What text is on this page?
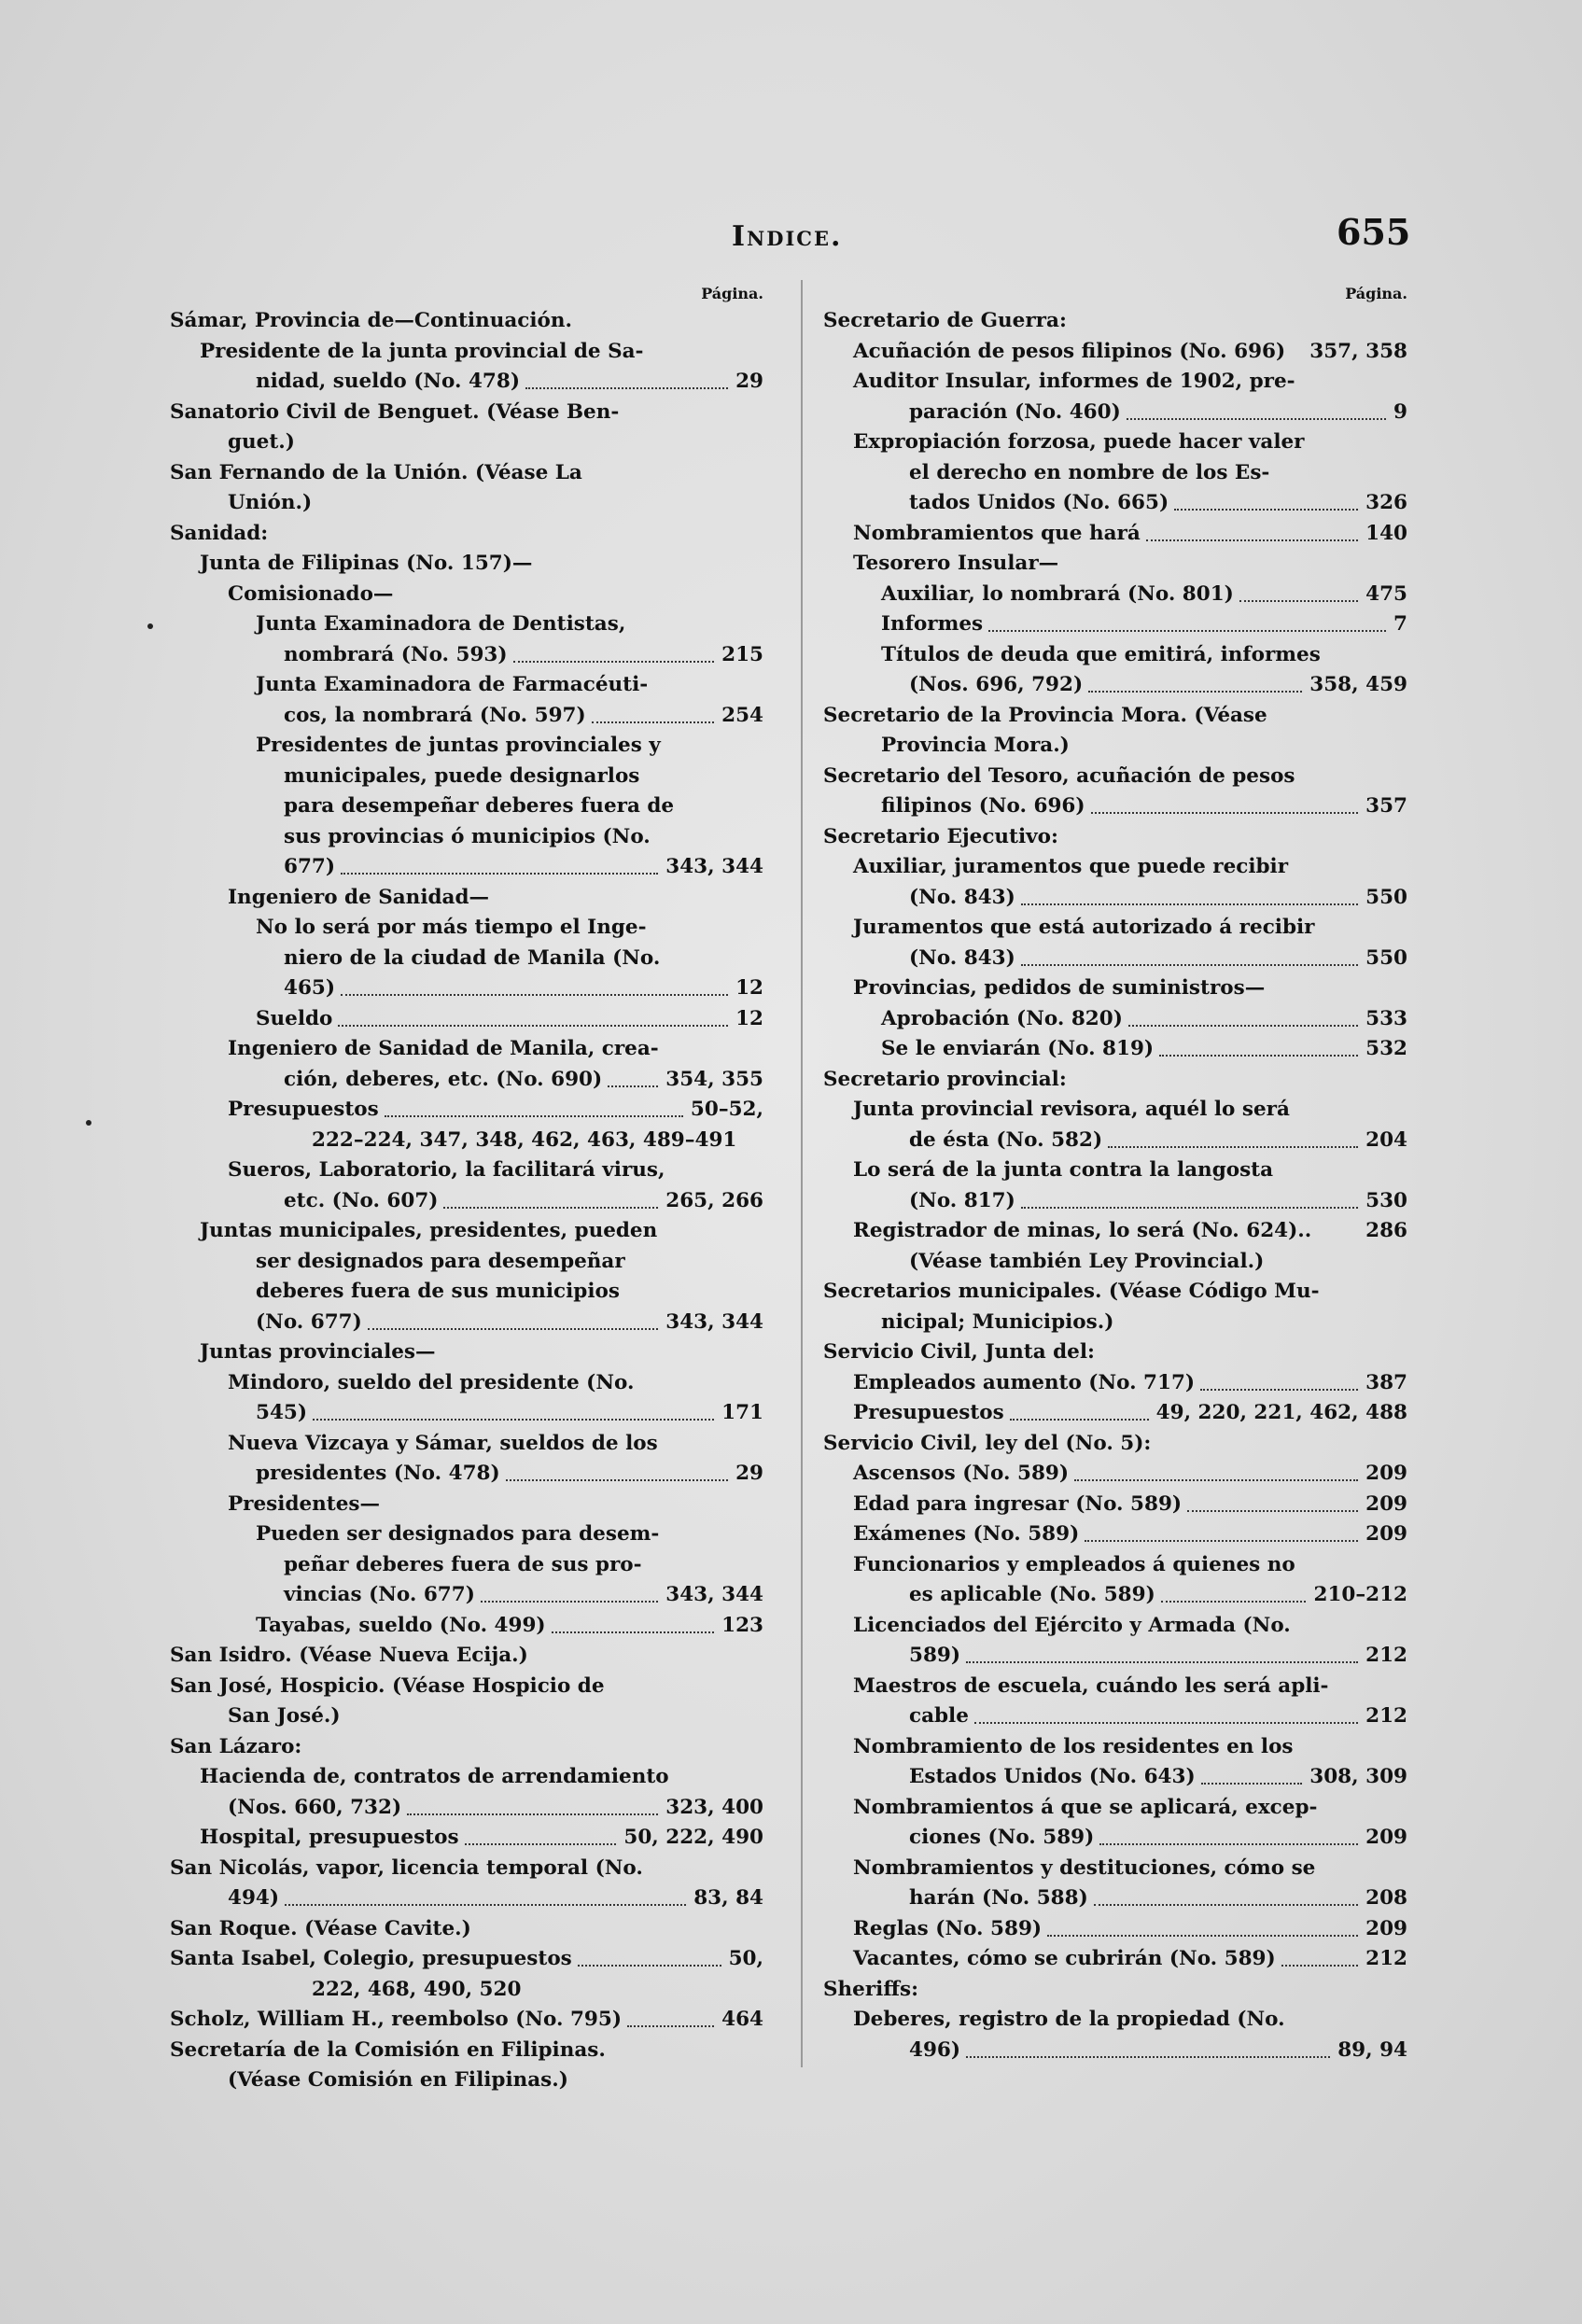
Indice.	655
Página.
Sámar, Provincia de—Continuación.
Presidente de la junta provincial de Sa-
nidad, sueldo (No. 478)	29
Sanatorio Civil de Benguet. (Véase Ben-
guet.)
San Fernando de la Unión. (Véase La
Unión.)
Sanidad:
Junta de Filipinas (No. 157)—
Comisionado—
Junta Examinadora de Dentistas,
nombrará (No. 593)	215
Junta Examinadora de Farmacéuti-
cos, la nombrará (No. 597)	254
Presidentes de juntas provinciales y
municipales, puede designarlos
para desempeñar deberes fuera de
sus provincias ó municipios (No.
677)	343, 344
Ingeniero de Sanidad—
No lo será por más tiempo el Inge-
niero de la ciudad de Manila (No.
465)	12
Sueldo	12
Ingeniero de Sanidad de Manila, crea-
ción, deberes, etc. (No. 690)	354, 355
Presupuestos	50–52,
222–224, 347, 348, 462, 463, 489–491
Sueros, Laboratorio, la facilitará virus,
etc. (No. 607)	265, 266
Juntas municipales, presidentes, pueden
ser designados para desempeñar
deberes fuera de sus municipios
(No. 677)	343, 344
Juntas provinciales—
Mindoro, sueldo del presidente (No.
545)	171
Nueva Vizcaya y Sámar, sueldos de los
presidentes (No. 478)	29
Presidentes—
Pueden ser designados para desem-
peñar deberes fuera de sus pro-
vincias (No. 677)	343, 344
Tayabas, sueldo (No. 499)	123
San Isidro. (Véase Nueva Ecija.)
San José, Hospicio. (Véase Hospicio de
San José.)
San Lázaro:
Hacienda de, contratos de arrendamiento
(Nos. 660, 732)	323, 400
Hospital, presupuestos	50, 222, 490
San Nicolás, vapor, licencia temporal (No.
494)	83, 84
San Roque. (Véase Cavite.)
Santa Isabel, Colegio, presupuestos	50,
222, 468, 490, 520
Scholz, William H., reembolso (No. 795)	464
Secretaría de la Comisión en Filipinas.
(Véase Comisión en Filipinas.)
Página.
Secretario de Guerra:
Acuñación de pesos filipinos (No. 696) 357, 358
Auditor Insular, informes de 1902, pre-
paración (No. 460)	9
Expropiación forzosa, puede hacer valer
el derecho en nombre de los Es-
tados Unidos (No. 665)	326
Nombramientos que hará	140
Tesorero Insular—
Auxiliar, lo nombrará (No. 801)	475
Informes	7
Títulos de deuda que emitirá, informes
(Nos. 696, 792)	358, 459
Secretario de la Provincia Mora. (Véase
Provincia Mora.)
Secretario del Tesoro, acuñación de pesos
filipinos (No. 696)	357
Secretario Ejecutivo:
Auxiliar, juramentos que puede recibir
(No. 843)	550
Juramentos que está autorizado á recibir
(No. 843)	550
Provincias, pedidos de suministros—
Aprobación (No. 820)	533
Se le enviarán (No. 819)	532
Secretario provincial:
Junta provincial revisora, aquél lo será
de ésta (No. 582)	204
Lo será de la junta contra la langosta
(No. 817)	530
Registrador de minas, lo será (No. 624)..	286
(Véase también Ley Provincial.)
Secretarios municipales. (Véase Código Mu-
nicipal; Municipios.)
Servicio Civil, Junta del:
Empleados aumento (No. 717)	387
Presupuestos	49, 220, 221, 462, 488
Servicio Civil, ley del (No. 5):
Ascensos (No. 589)	209
Edad para ingresar (No. 589)	209
Exámenes (No. 589)	209
Funcionarios y empleados á quienes no
es aplicable (No. 589)	210–212
Licenciados del Ejército y Armada (No.
589)	212
Maestros de escuela, cuándo les será apli-
cable	212
Nombramiento de los residentes en los
Estados Unidos (No. 643)	308, 309
Nombramientos á que se aplicará, excep-
ciones (No. 589)	209
Nombramientos y destituciones, cómo se
harán (No. 588)	208
Reglas (No. 589)	209
Vacantes, cómo se cubrirán (No. 589)	212
Sheriffs:
Deberes, registro de la propiedad (No.
496)	89, 94
